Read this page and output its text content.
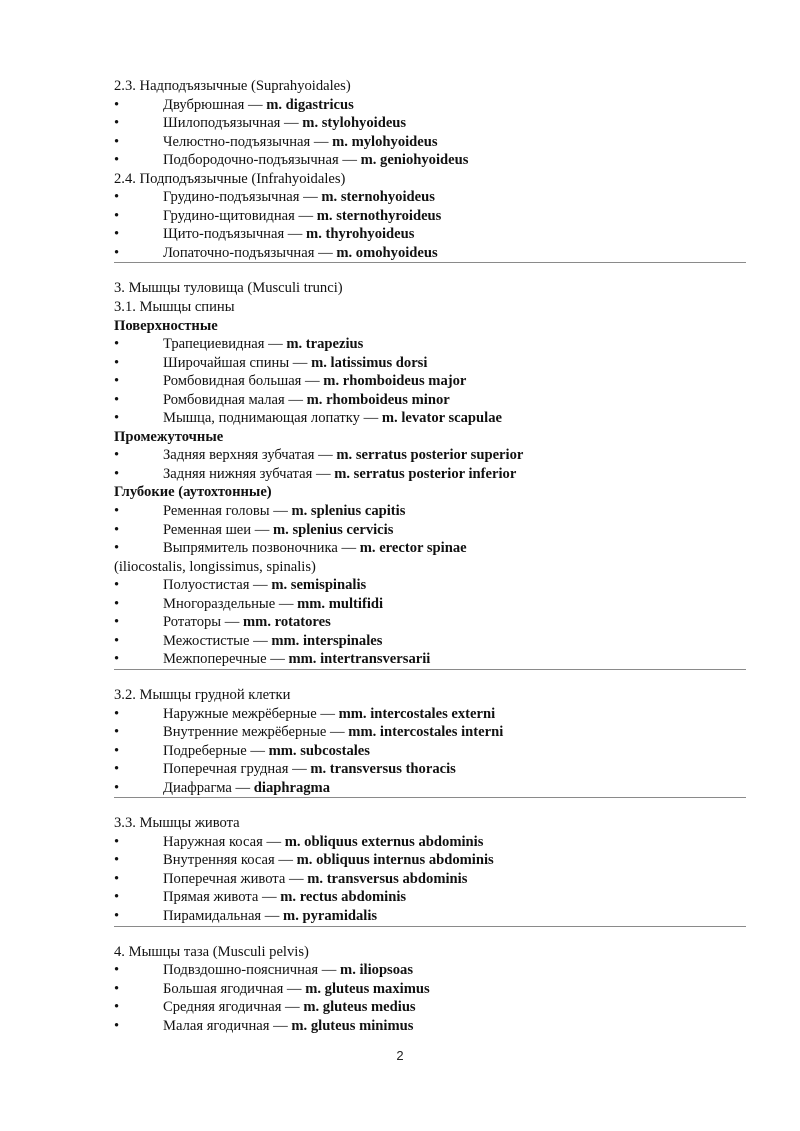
2.3. Надподъязычные (Suprahyoidales)
•	Двубрюшная — m. digastricus
•	Шилоподъязычная — m. stylohyoideus
•	Челюстно-подъязычная — m. mylohyoideus
•	Подбородочно-подъязычная — m. geniohyoideus
2.4. Подподъязычные (Infrahyoidales)
•	Грудино-подъязычная — m. sternohyoideus
•	Грудино-щитовидная — m. sternothyroideus
•	Щито-подъязычная — m. thyrohyoideus
•	Лопаточно-подъязычная — m. omohyoideus
3. Мышцы туловища (Musculi trunci)
3.1. Мышцы спины
Поверхностные
•	Трапециевидная — m. trapezius
•	Широчайшая спины — m. latissimus dorsi
•	Ромбовидная большая — m. rhomboideus major
•	Ромбовидная малая — m. rhomboideus minor
•	Мышца, поднимающая лопатку — m. levator scapulae
Промежуточные
•	Задняя верхняя зубчатая — m. serratus posterior superior
•	Задняя нижняя зубчатая — m. serratus posterior inferior
Глубокие (аутохтонные)
•	Ременная головы — m. splenius capitis
•	Ременная шеи — m. splenius cervicis
•	Выпрямитель позвоночника — m. erector spinae
(iliocostalis, longissimus, spinalis)
•	Полуостистая — m. semispinalis
•	Многораздельные — mm. multifidi
•	Ротаторы — mm. rotatores
•	Межостистые — mm. interspinales
•	Межпоперечные — mm. intertransversarii
3.2. Мышцы грудной клетки
•	Наружные межрёберные — mm. intercostales externi
•	Внутренние межрёберные — mm. intercostales interni
•	Подреберные — mm. subcostales
•	Поперечная грудная — m. transversus thoracis
•	Диафрагма — diaphragma
3.3. Мышцы живота
•	Наружная косая — m. obliquus externus abdominis
•	Внутренняя косая — m. obliquus internus abdominis
•	Поперечная живота — m. transversus abdominis
•	Прямая живота — m. rectus abdominis
•	Пирамидальная — m. pyramidalis
4. Мышцы таза (Musculi pelvis)
•	Подвздошно-поясничная — m. iliopsoas
•	Большая ягодичная — m. gluteus maximus
•	Средняя ягодичная — m. gluteus medius
•	Малая ягодичная — m. gluteus minimus
2
